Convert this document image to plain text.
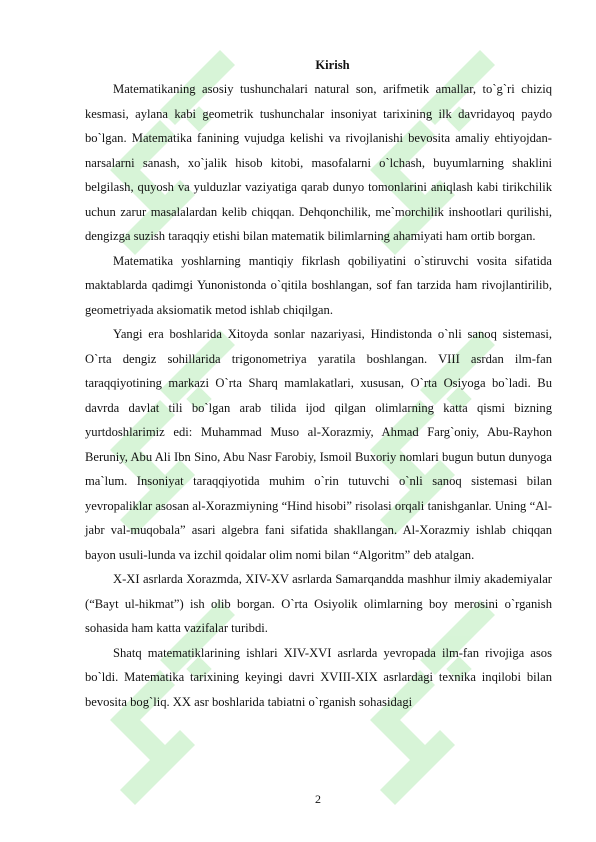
Kirish

Matematikaning asosiy tushunchalari natural son, arifmetik amallar, to`g`ri chiziq kesmasi, aylana kabi geometrik tushunchalar insoniyat tarixining ilk davridayoq paydo bo`lgan. Matematika fanining vujudga kelishi va rivojlanishi bevosita amaliy ehtiyojdan-narsalarni sanash, xo`jalik hisob kitobi, masofalarni o`lchash, buyumlarning shaklini belgilash, quyosh va yulduzlar vaziyatiga qarab dunyo tomonlarini aniqlash kabi tirikchilik uchun zarur masalalardan kelib chiqqan. Dehqonchilik, me`morchilik inshootlari qurilishi, dengizga suzish taraqqiy etishi bilan matematik bilimlarning ahamiyati ham ortib borgan.

Matematika yoshlarning mantiqiy fikrlash qobiliyatini o`stiruvchi vosita sifatida maktablarda qadimgi Yunonistonda o`qitila boshlangan, sof fan tarzida ham rivojlantirilib, geometriyada aksiomatik metod ishlab chiqilgan.

Yangi era boshlarida Xitoyda sonlar nazariyasi, Hindistonda o`nli sanoq sistemasi, O`rta dengiz sohillarida trigonometriya yaratila boshlangan. VIII asrdan ilm-fan taraqqiyotining markazi O`rta Sharq mamlakatlari, xususan, O`rta Osiyoga bo`ladi. Bu davrda davlat tili bo`lgan arab tilida ijod qilgan olimlarning katta qismi bizning yurtdoshlarimiz edi: Muhammad Muso al-Xorazmiy, Ahmad Farg`oniy, Abu-Rayhon Beruniy, Abu Ali Ibn Sino, Abu Nasr Farobiy, Ismoil Buxoriy nomlari bugun butun dunyoga ma`lum. Insoniyat taraqqiyotida muhim o`rin tutuvchi o`nli sanoq sistemasi bilan yevropaliklar asosan al-Xorazmiyning “Hind hisobi” risolasi orqali tanishganlar. Uning “Al-jabr val-muqobala” asari algebra fani sifatida shakllangan. Al-Xorazmiy ishlab chiqqan bayon usuli-lunda va izchil qoidalar olim nomi bilan “Algoritm” deb atalgan.

X-XI asrlarda Xorazmda, XIV-XV asrlarda Samarqandda mashhur ilmiy akademiyalar (“Bayt ul-hikmat”) ish olib borgan. O`rta Osiyolik olimlarning boy merosini o`rganish sohasida ham katta vazifalar turibdi.

Shatq matematiklarining ishlari XIV-XVI asrlarda yevropada ilm-fan rivojiga asos bo`ldi. Matematika tarixining keyingi davri XVIII-XIX asrlardagi texnika inqilobi bilan bevosita bog`liq. XX asr boshlarida tabiatni o`rganish sohasidagi

2
